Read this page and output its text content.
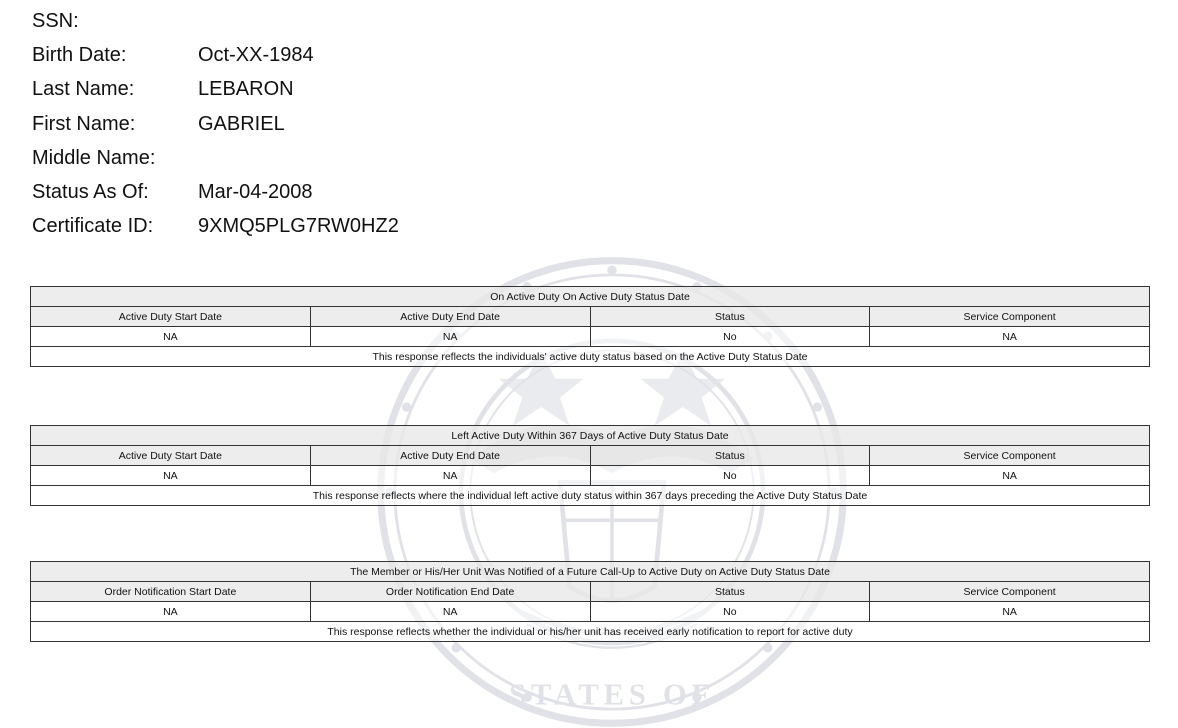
STATES OF
SSN:
Birth Date:	Oct-XX-1984
Last Name:	LEBARON
First Name:	GABRIEL
Middle Name:
Status As Of:	Mar-04-2008
Certificate ID:	9XMQ5PLG7RW0HZ2
On Active Duty On Active Duty Status Date			
Active Duty Start Date	Active Duty End Date	Status	Service Component
NA	NA	No	NA
This response reflects the individuals' active duty status based on the Active Duty Status Date			
Left Active Duty Within 367 Days of Active Duty Status Date			
Active Duty Start Date	Active Duty End Date	Status	Service Component
NA	NA	No	NA
This response reflects where the individual left active duty status within 367 days preceding the Active Duty Status Date			
The Member or His/Her Unit Was Notified of a Future Call-Up to Active Duty on Active Duty Status Date			
Order Notification Start Date	Order Notification End Date	Status	Service Component
NA	NA	No	NA
This response reflects whether the individual or his/her unit has received early notification to report for active duty			
